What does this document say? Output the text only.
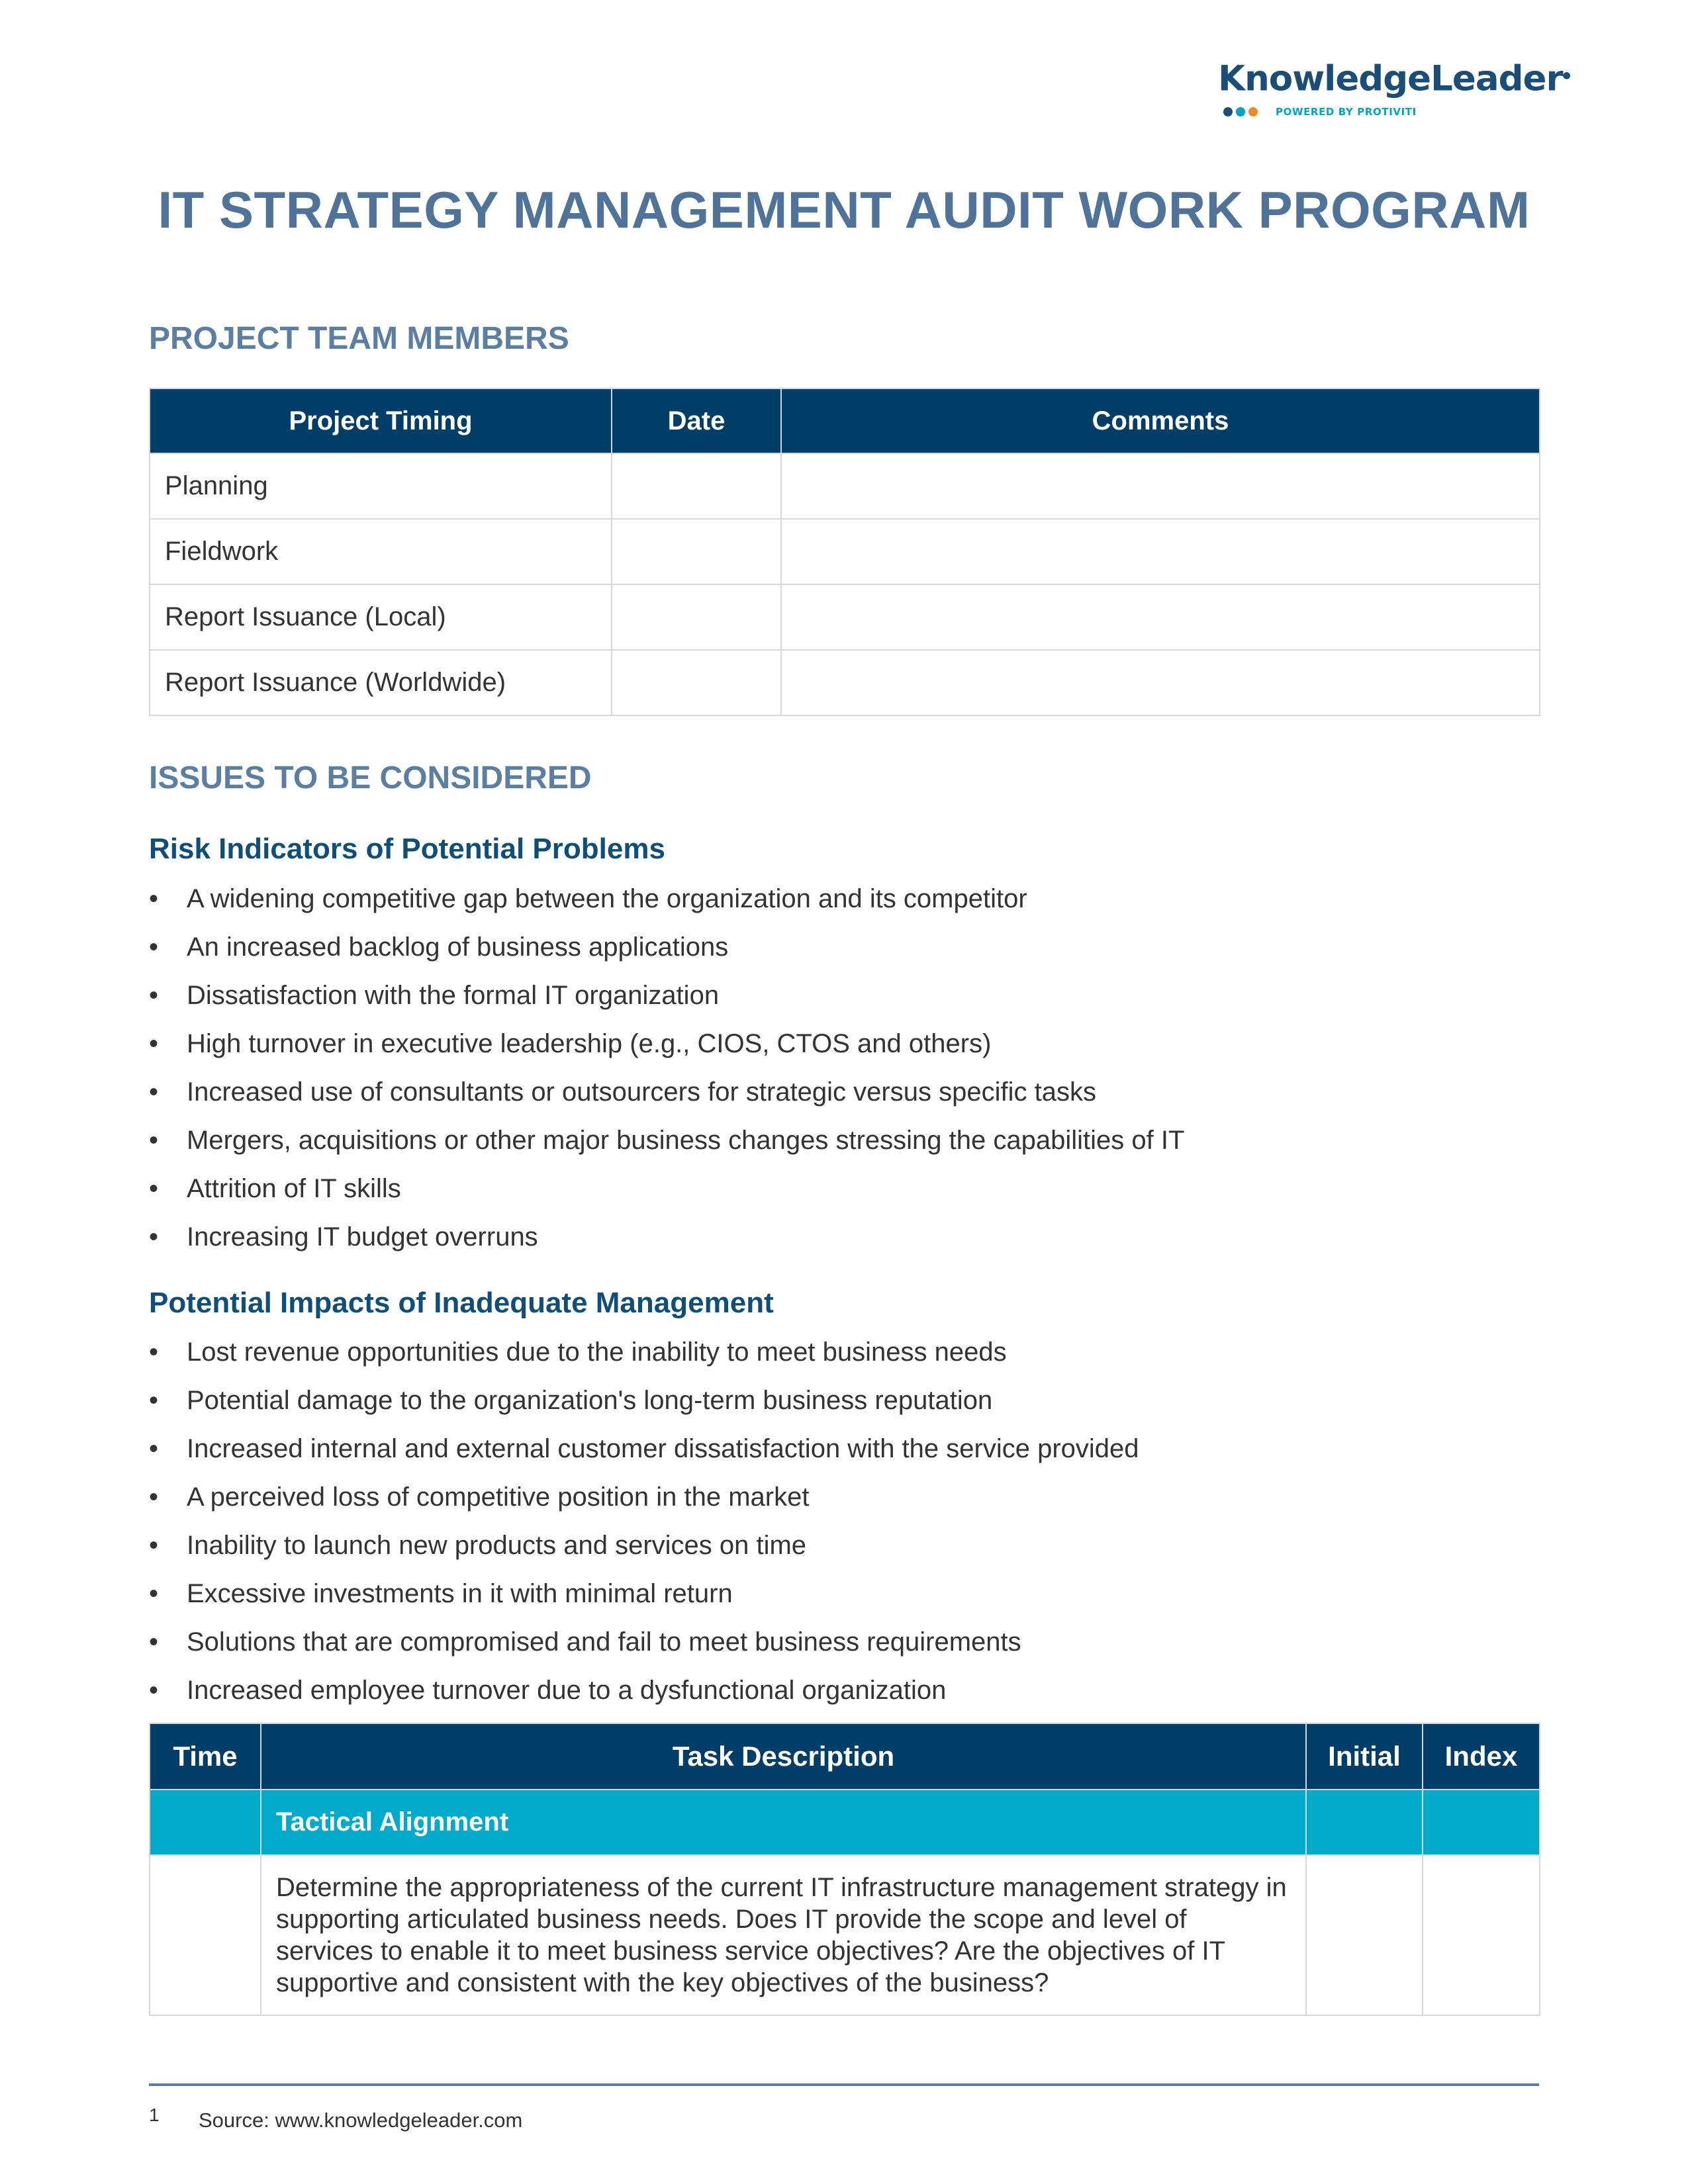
KnowledgeLeader●
POWERED BY PROTIVITI
IT STRATEGY MANAGEMENT AUDIT WORK PROGRAM
PROJECT TEAM MEMBERS
Project Timing	Date	Comments
Planning		
Fieldwork		
Report Issuance (Local)		
Report Issuance (Worldwide)		
ISSUES TO BE CONSIDERED
Risk Indicators of Potential Problems
• A widening competitive gap between the organization and its competitor
• An increased backlog of business applications
• Dissatisfaction with the formal IT organization
• High turnover in executive leadership (e.g., CIOS, CTOS and others)
• Increased use of consultants or outsourcers for strategic versus specific tasks
• Mergers, acquisitions or other major business changes stressing the capabilities of IT
• Attrition of IT skills
• Increasing IT budget overruns
Potential Impacts of Inadequate Management
• Lost revenue opportunities due to the inability to meet business needs
• Potential damage to the organization's long-term business reputation
• Increased internal and external customer dissatisfaction with the service provided
• A perceived loss of competitive position in the market
• Inability to launch new products and services on time
• Excessive investments in it with minimal return
• Solutions that are compromised and fail to meet business requirements
• Increased employee turnover due to a dysfunctional organization
Time	Task Description	Initial	Index
	Tactical Alignment		
	Determine the appropriateness of the current IT infrastructure management strategy in supporting articulated business needs. Does IT provide the scope and level of services to enable it to meet business service objectives? Are the objectives of IT supportive and consistent with the key objectives of the business?		
1 Source: www.knowledgeleader.com
